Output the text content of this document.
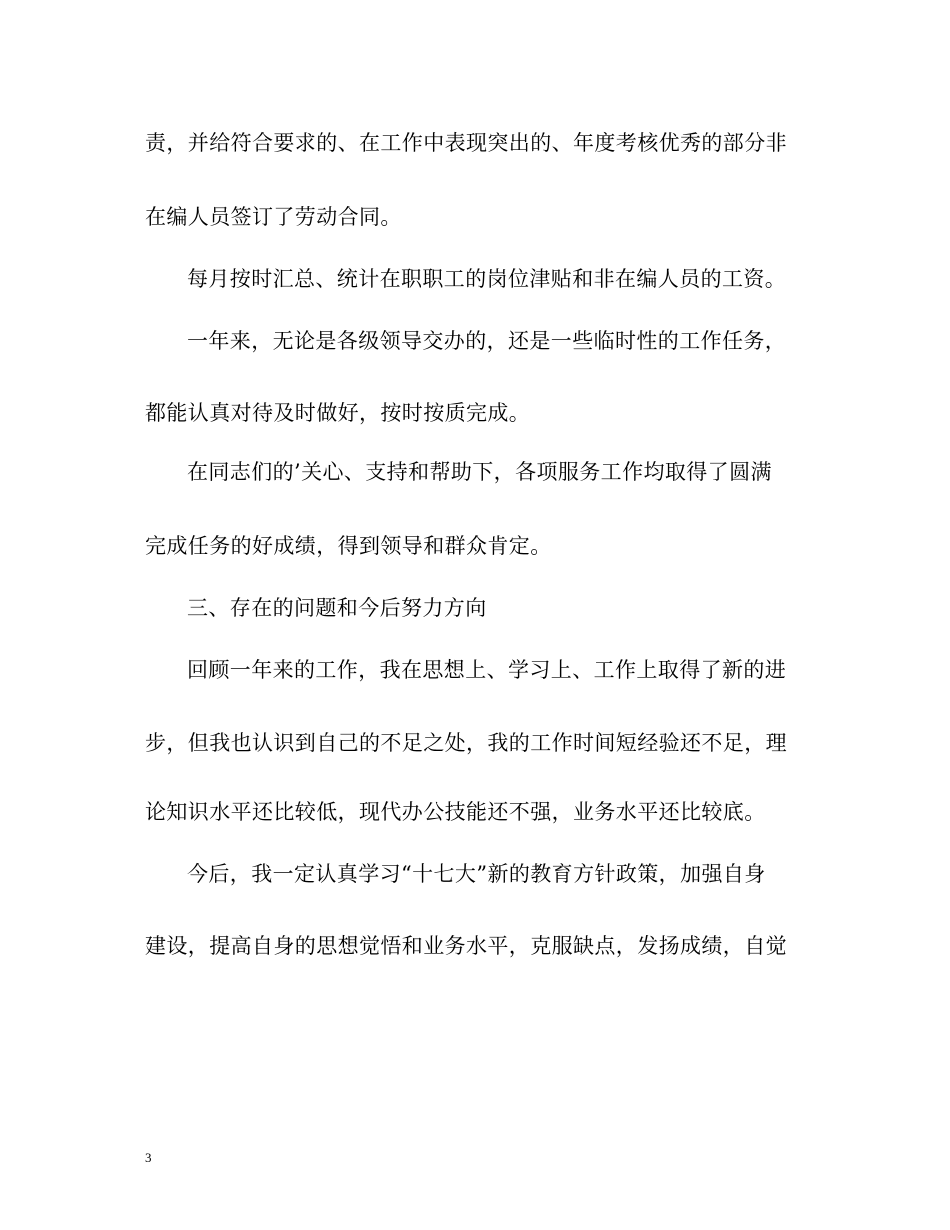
责，并给符合要求的、在工作中表现突出的、年度考核优秀的部分非
在编人员签订了劳动合同。
每月按时汇总、统计在职职工的岗位津贴和非在编人员的工资。
一年来，无论是各级领导交办的，还是一些临时性的工作任务，
都能认真对待及时做好，按时按质完成。
在同志们的’关心、支持和帮助下，各项服务工作均取得了圆满
完成任务的好成绩，得到领导和群众肯定。
三、存在的问题和今后努力方向
回顾一年来的工作，我在思想上、学习上、工作上取得了新的进
步，但我也认识到自己的不足之处，我的工作时间短经验还不足，理
论知识水平还比较低，现代办公技能还不强，业务水平还比较底。
今后，我一定认真学习“十七大”新的教育方针政策，加强自身
建设，提高自身的思想觉悟和业务水平，克服缺点，发扬成绩，自觉
3
